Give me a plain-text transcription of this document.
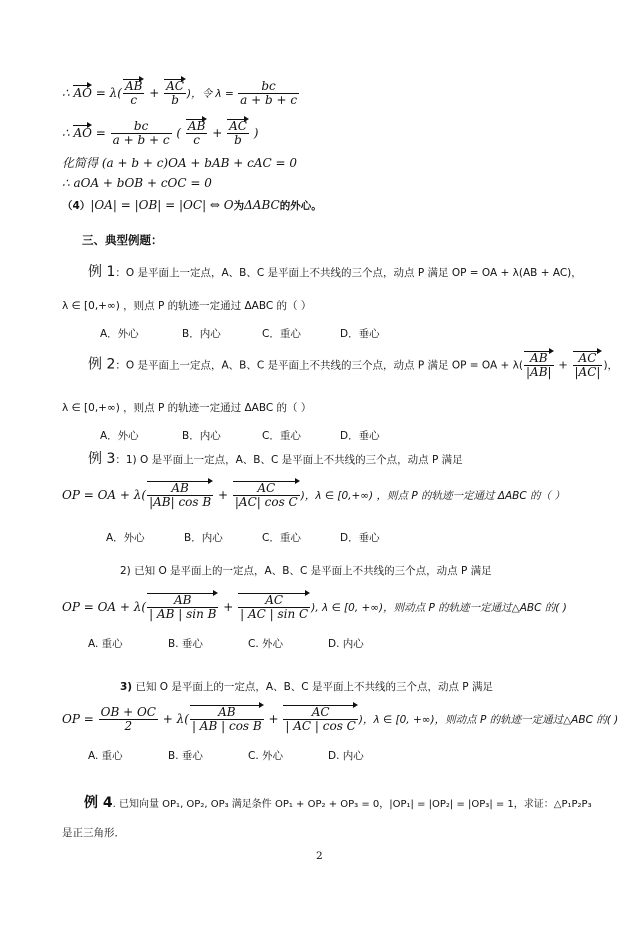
∴ AO = $\lambda( \frac{AB}{c} + \frac{AC}{b}$ )，令 $\lambda = \frac{bc}{a + b + c}$
∴ AO = $\frac{bc}{a + b + c}$ ( $\frac{AB}{c} + \frac{AC}{b}$ )
化简得 (a + b + c)OA + bAB + cAC = 0
∴ aOA + bOB + cOC = 0
（4）|OA| = |OB| = |OC| ⇔ O为ΔABC的外心。
三、典型例题：
例 1：O 是平面上一定点，A、B、C 是平面上不共线的三个点，动点 P 满足 OP = OA + λ(AB + AC)，
λ ∈ [0,+∞) ，则点 P 的轨迹一定通过 ΔABC 的（ ）
A．外心	B．内心	C．重心	D．垂心
例 2：O 是平面上一定点，A、B、C 是平面上不共线的三个点，动点 P 满足 OP = OA + $\lambda( \frac{AB}{|AB|} + \frac{AC}{|AC|}$ )，
λ ∈ [0,+∞) ，则点 P 的轨迹一定通过 ΔABC 的（ ）
A．外心	B．内心	C．重心	D．垂心
例 3：1) O 是平面上一定点，A、B、C 是平面上不共线的三个点，动点 P 满足
OP = OA + $\lambda( \frac{AB}{\text{|AB| cos B}} + \frac{AC}{\text{|AC| cos C}}$ )，λ ∈ [0,+∞) ，则点 P 的轨迹一定通过 ΔABC 的（ ）
A．外心	B．内心	C．重心	D．垂心
2) 已知 O 是平面上的一定点，A、B、C 是平面上不共线的三个点，动点 P 满足
OP = OA + $\lambda( \frac{AB}{\text{| AB | sin B}} + \frac{AC}{\text{| AC | sin C}}$ ), λ ∈ [0, +∞)，则动点 P 的轨迹一定通过△ABC 的( )
A. 重心	B. 垂心	C. 外心	D. 内心
3) 已知 O 是平面上的一定点，A、B、C 是平面上不共线的三个点，动点 P 满足
OP = $\frac{OB + OC}{2} + \lambda( \frac{AB}{\text{| AB | cos B}} + \frac{AC}{\text{| AC | cos C}}$ )，λ ∈ [0, +∞)，则动点 P 的轨迹一定通过△ABC 的( )
A. 重心	B. 垂心	C. 外心	D. 内心
例 4. 已知向量 OP₁, OP₂, OP₃ 满足条件 OP₁ + OP₂ + OP₃ = 0，|OP₁| = |OP₂| = |OP₃| = 1，求证：△P₁P₂P₃
是正三角形．
2
